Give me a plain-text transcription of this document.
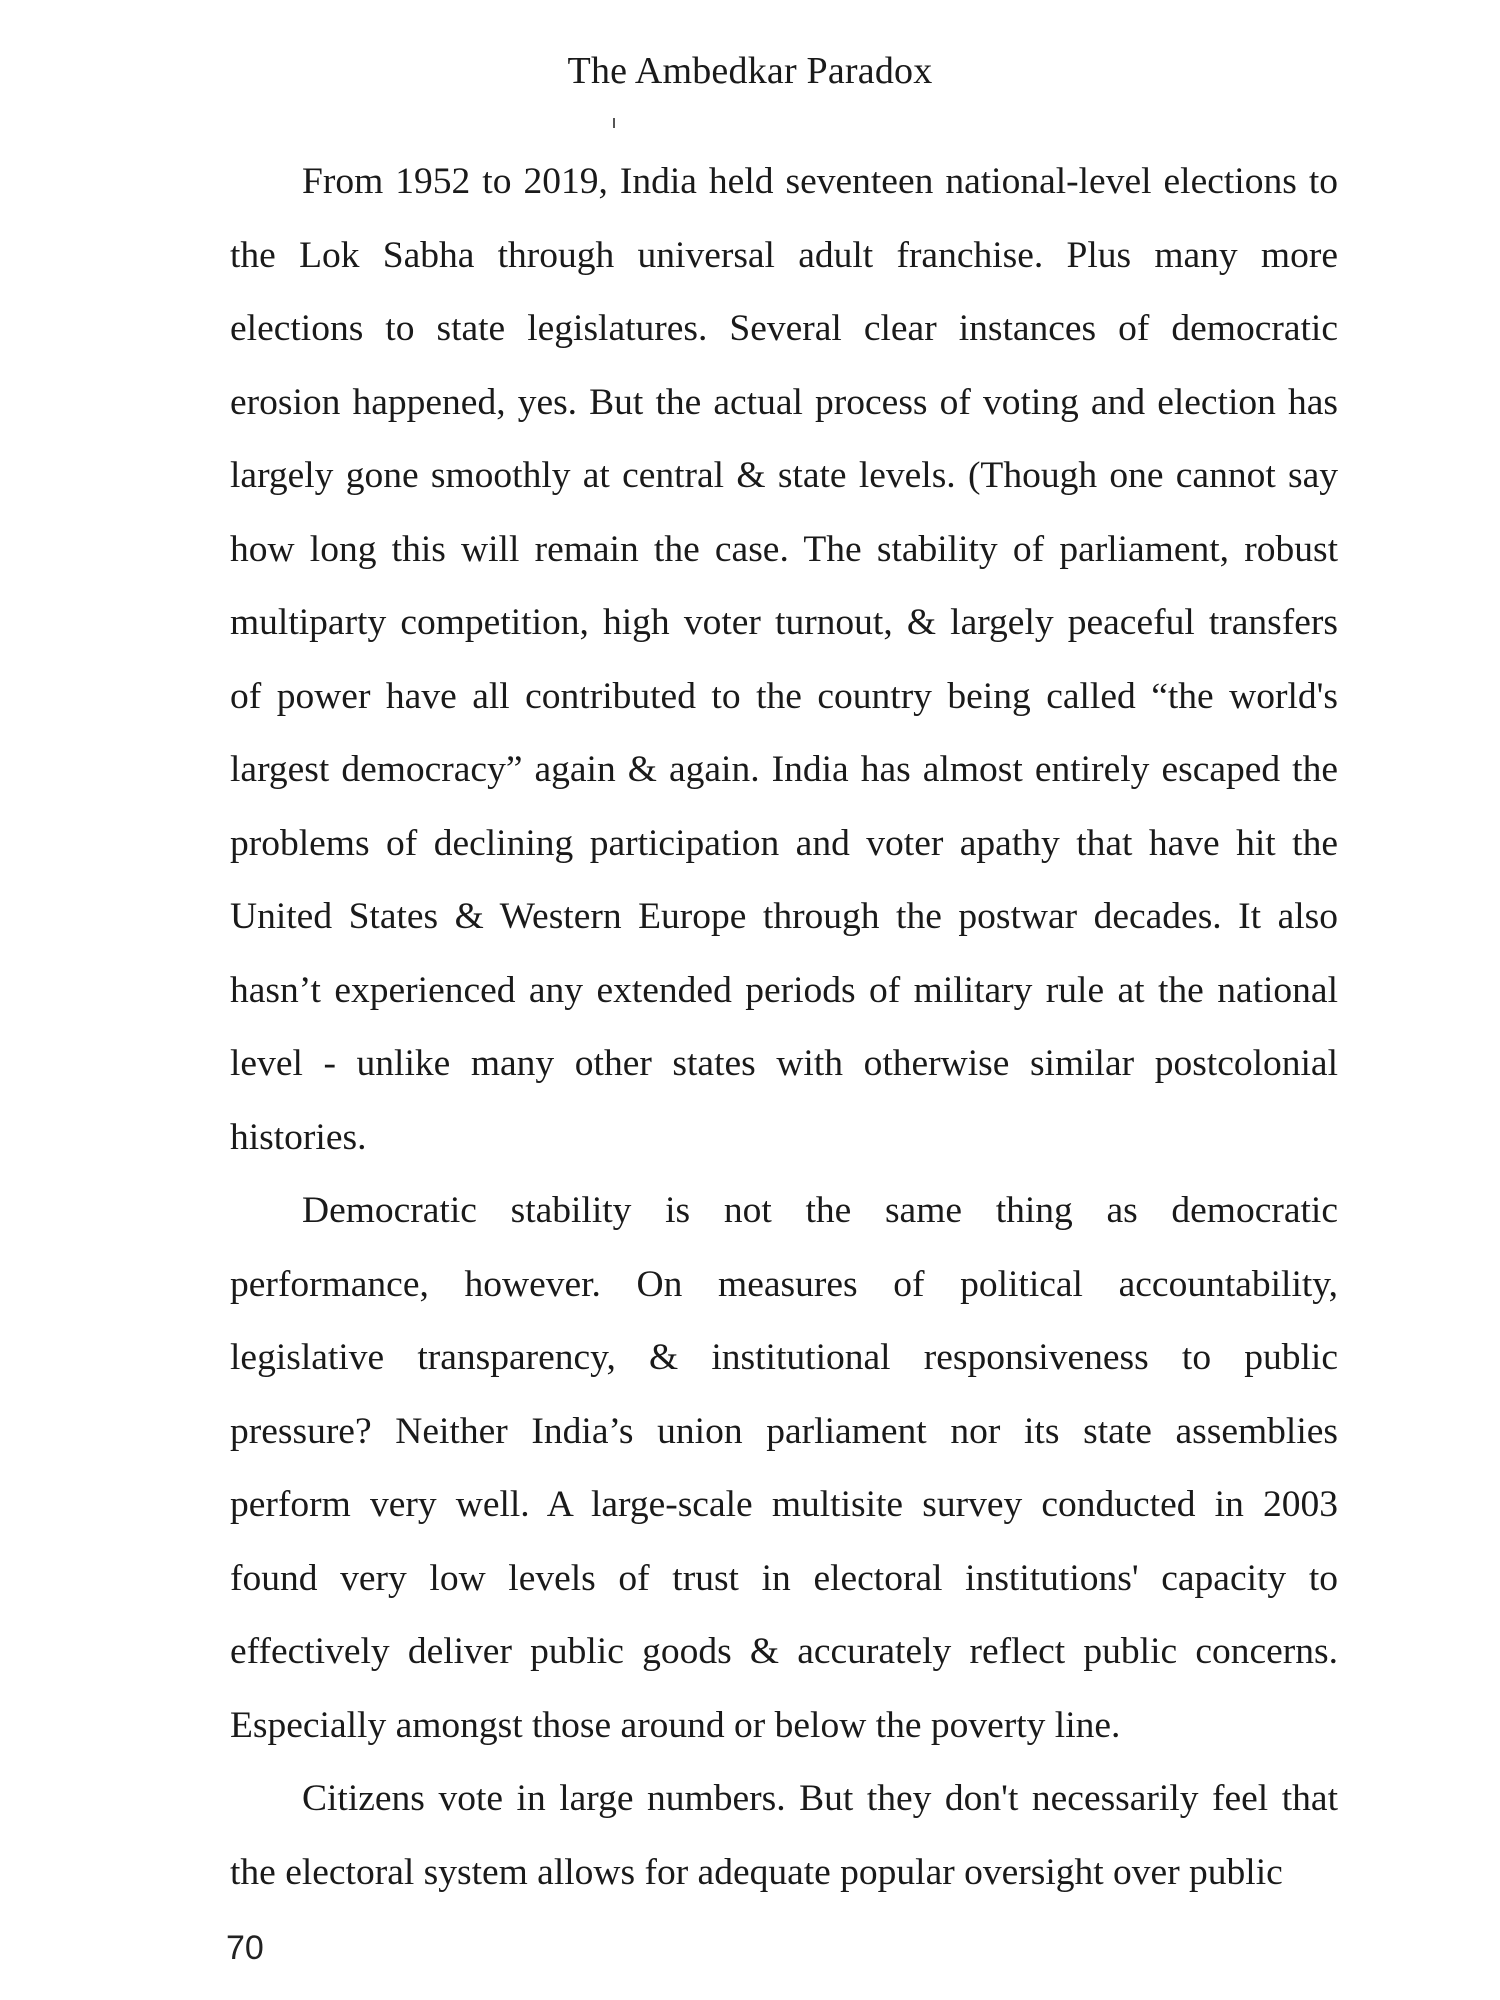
The Ambedkar Paradox

From 1952 to 2019, India held seventeen national-level elections to the Lok Sabha through universal adult franchise. Plus many more elections to state legislatures. Several clear instances of democratic erosion happened, yes. But the actual process of voting and election has largely gone smoothly at central & state levels. (Though one cannot say how long this will remain the case. The stability of parliament, robust multiparty competition, high voter turnout, & largely peaceful transfers of power have all contributed to the country being called “the world's largest democracy” again & again. India has almost entirely escaped the problems of declining participation and voter apathy that have hit the United States & Western Europe through the postwar decades. It also hasn’t experienced any extended periods of military rule at the national level - unlike many other states with otherwise similar postcolonial histories.

Democratic stability is not the same thing as democratic performance, however. On measures of political accountability, legislative transparency, & institutional responsiveness to public pressure? Neither India’s union parliament nor its state assemblies perform very well. A large-scale multisite survey conducted in 2003 found very low levels of trust in electoral institutions' capacity to effectively deliver public goods & accurately reflect public concerns. Especially amongst those around or below the poverty line.

Citizens vote in large numbers. But they don't necessarily feel that the electoral system allows for adequate popular oversight over public

70
